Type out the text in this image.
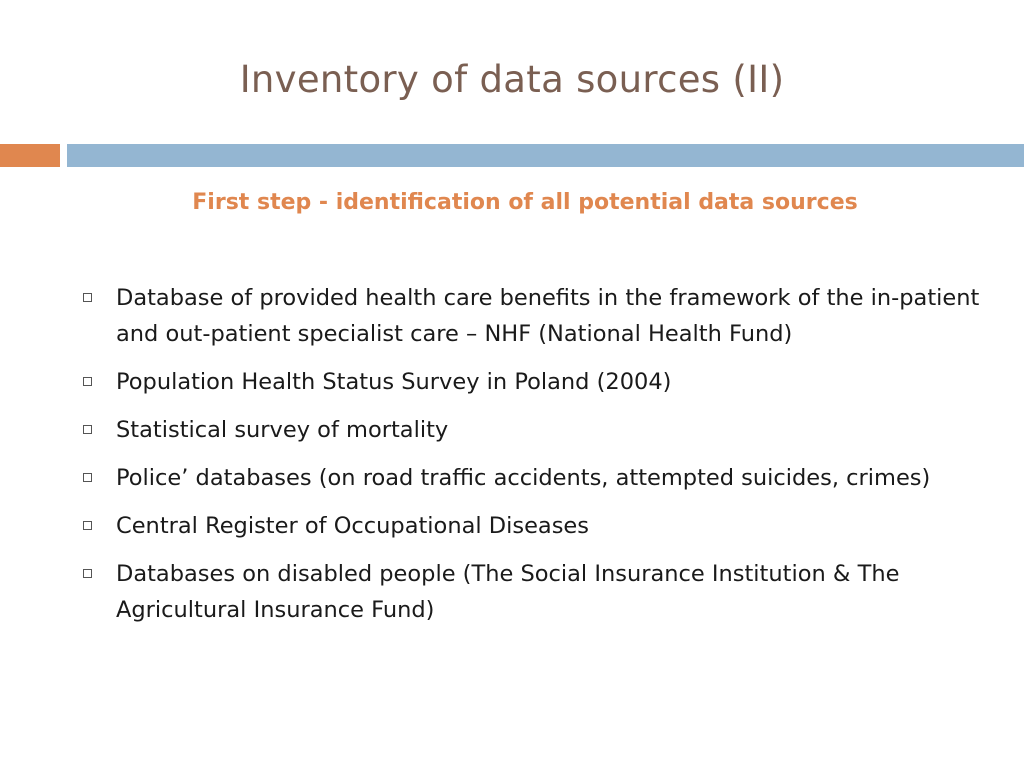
Inventory of data sources (II)
First step - identification of all potential data sources
Database of provided health care benefits in the framework of the in-patient and out-patient specialist care – NHF (National Health Fund)
Population Health Status Survey in Poland (2004)
Statistical survey of mortality
Police’ databases (on road traffic accidents, attempted suicides, crimes)
Central Register of Occupational Diseases
Databases on disabled people (The Social Insurance Institution & The Agricultural Insurance Fund)
